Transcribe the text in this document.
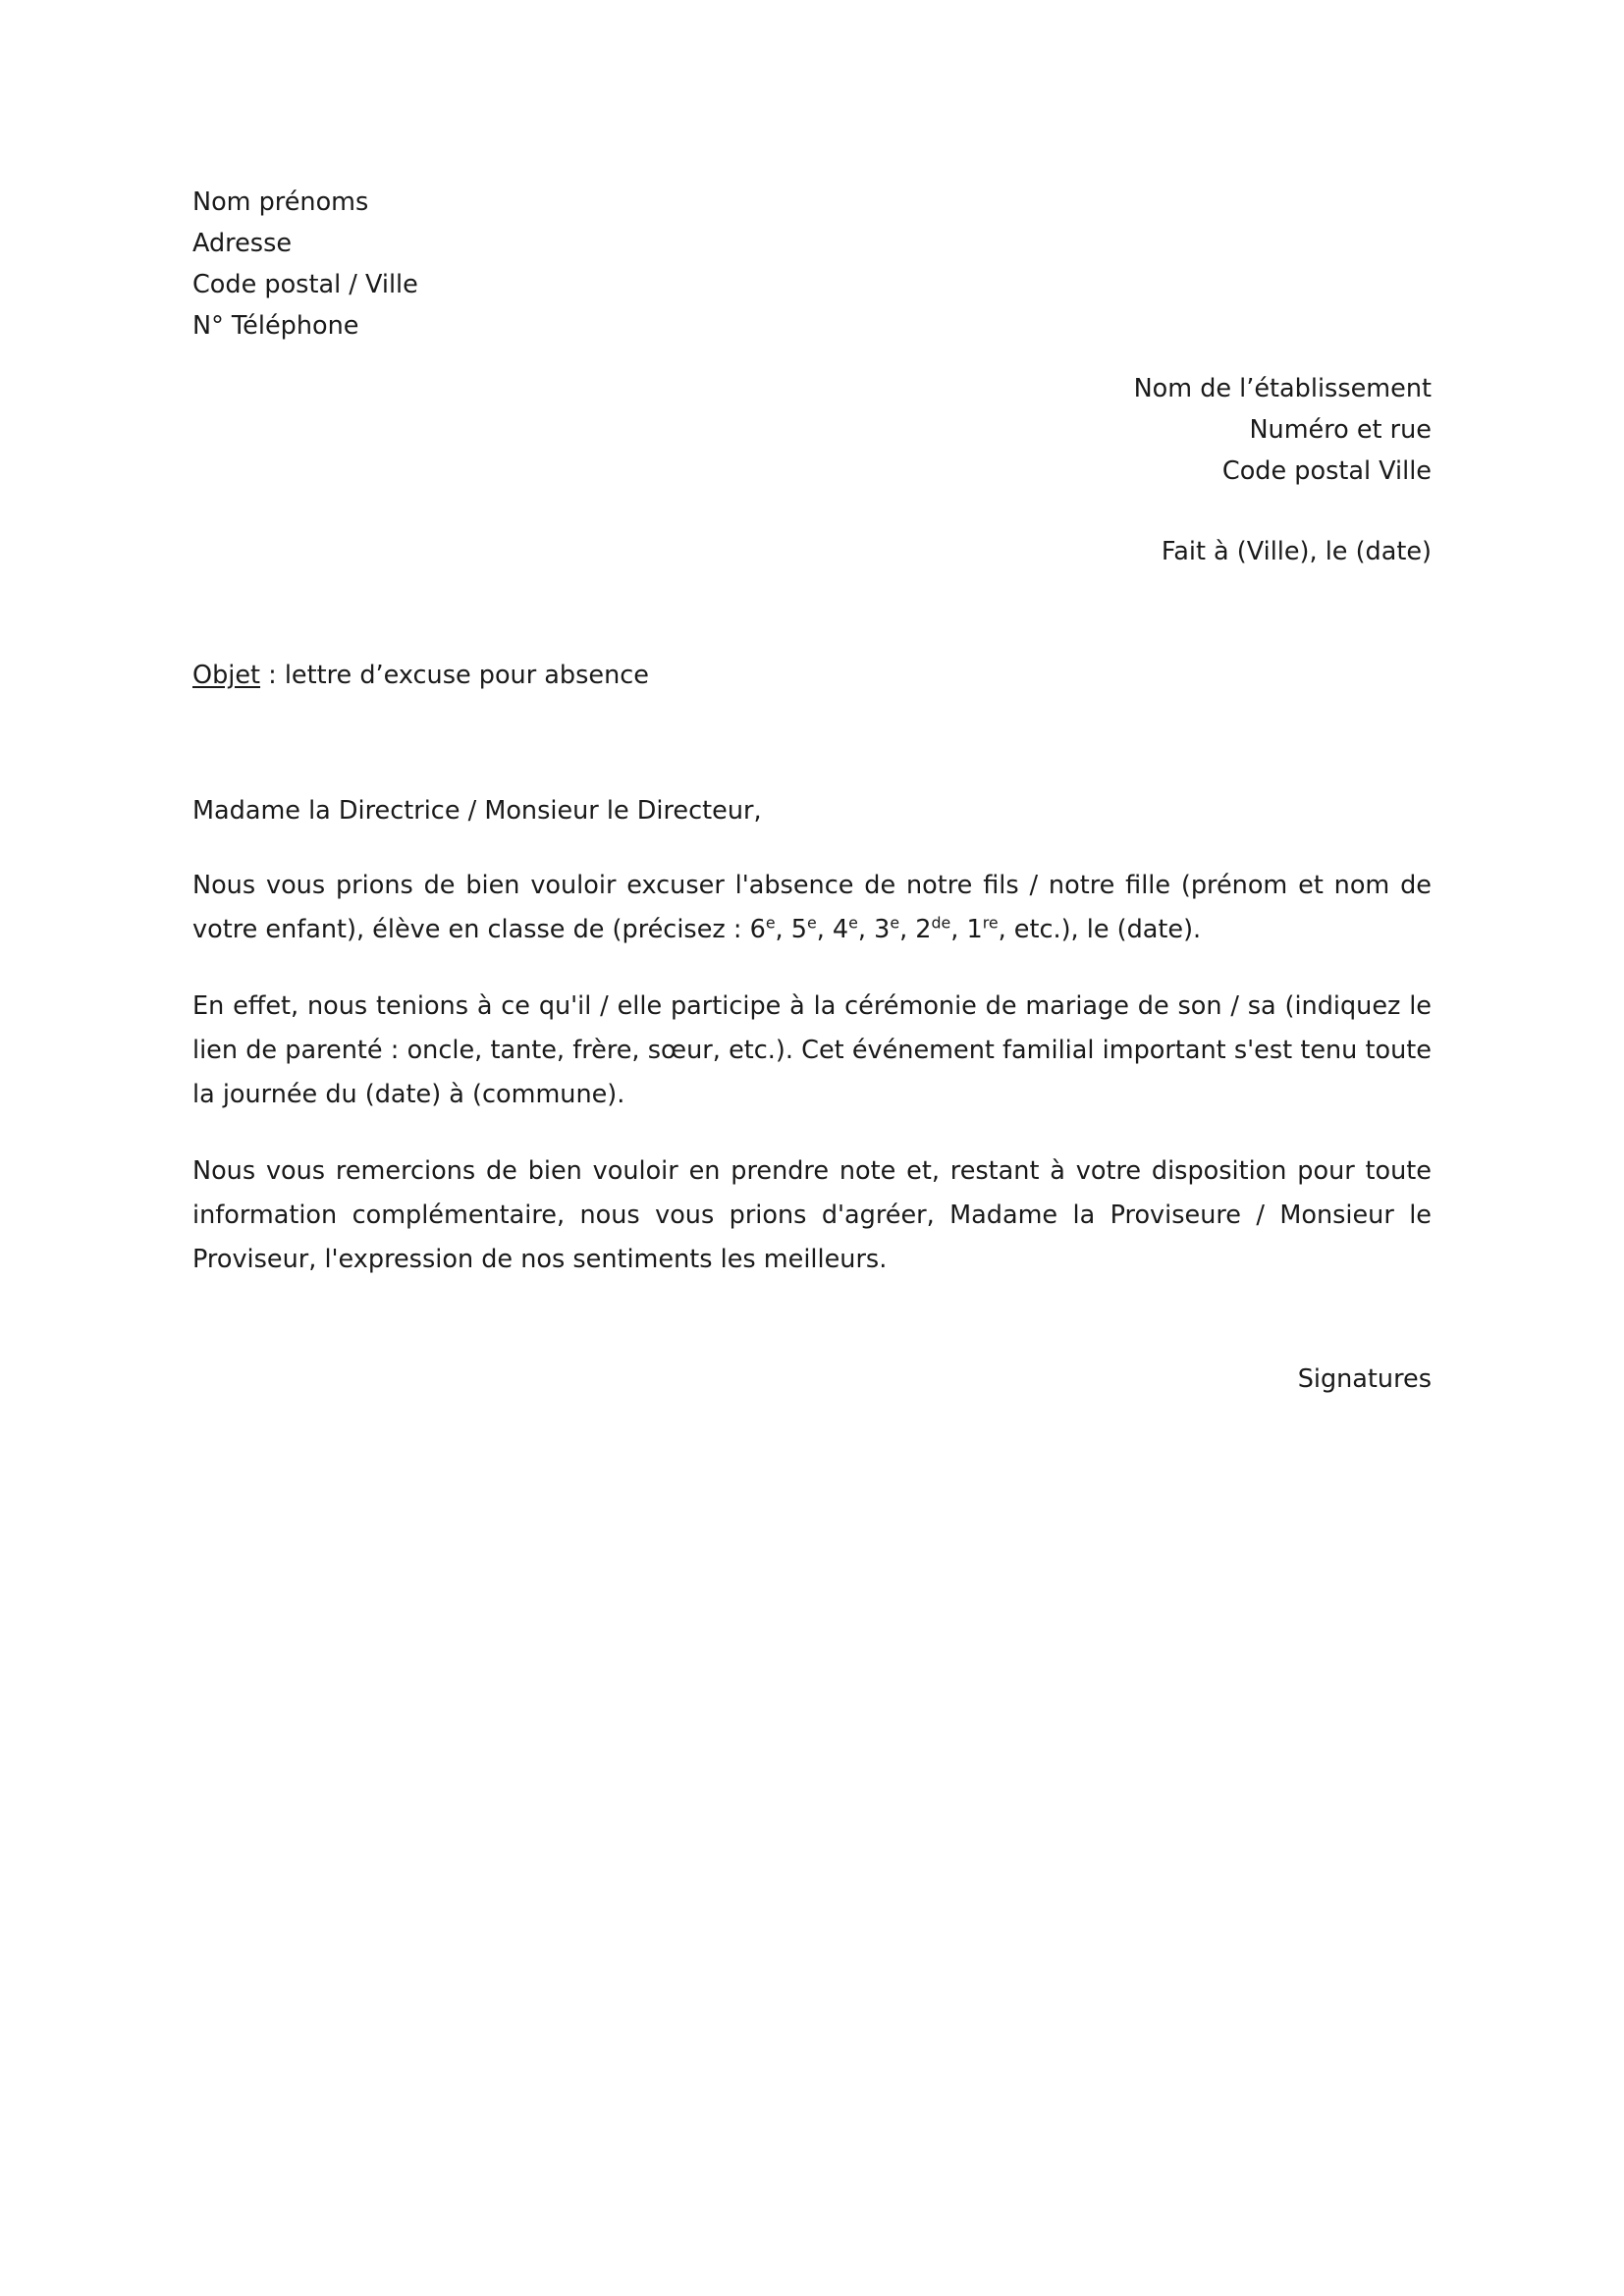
Nom prénoms
Adresse
Code postal / Ville
N° Téléphone
Nom de l’établissement
Numéro et rue
Code postal Ville
Fait à (Ville), le (date)
Objet : lettre d’excuse pour absence
Madame la Directrice / Monsieur le Directeur,
Nous vous prions de bien vouloir excuser l'absence de notre fils / notre fille (prénom et nom de votre enfant), élève en classe de (précisez : 6e, 5e, 4e, 3e, 2de, 1re, etc.), le (date).
En effet, nous tenions à ce qu'il / elle participe à la cérémonie de mariage de son / sa (indiquez le lien de parenté : oncle, tante, frère, sœur, etc.). Cet événement familial important s'est tenu toute la journée du (date) à (commune).
Nous vous remercions de bien vouloir en prendre note et, restant à votre disposition pour toute information complémentaire, nous vous prions d'agréer, Madame la Proviseure / Monsieur le Proviseur, l'expression de nos sentiments les meilleurs.
Signatures
